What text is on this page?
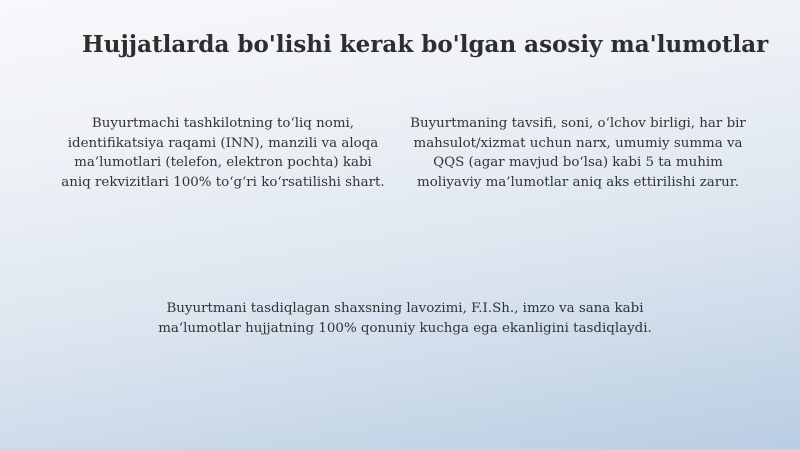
Hujjatlarda bo'lishi kerak bo'lgan asosiy ma'lumotlar

Buyurtmachi tashkilotning to‘liq nomi, identifikatsiya raqami (INN), manzili va aloqa ma’lumotlari (telefon, elektron pochta) kabi aniq rekvizitlari 100% to‘g‘ri ko‘rsatilishi shart.

Buyurtmaning tavsifi, soni, o‘lchov birligi, har bir mahsulot/xizmat uchun narx, umumiy summa va QQS (agar mavjud bo‘lsa) kabi 5 ta muhim moliyaviy ma’lumotlar aniq aks ettirilishi zarur.

Buyurtmani tasdiqlagan shaxsning lavozimi, F.I.Sh., imzo va sana kabi ma’lumotlar hujjatning 100% qonuniy kuchga ega ekanligini tasdiqlaydi.
